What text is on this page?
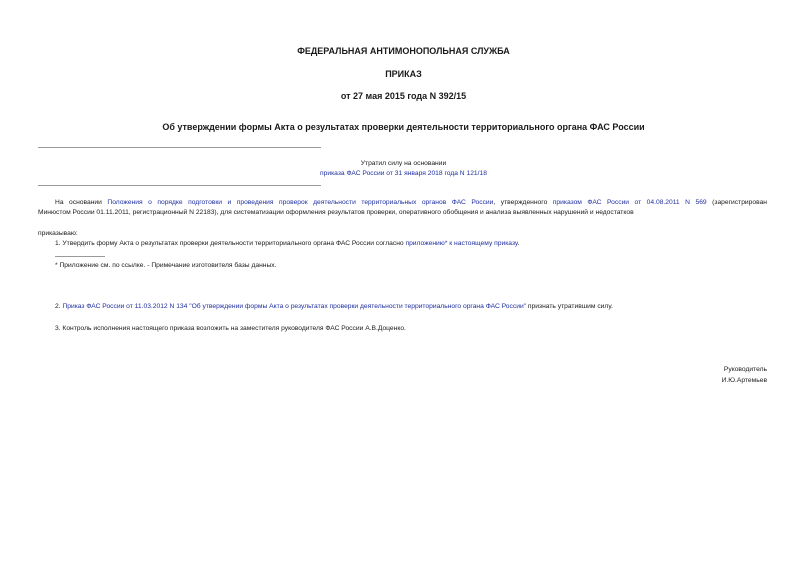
ФЕДЕРАЛЬНАЯ АНТИМОНОПОЛЬНАЯ СЛУЖБА
ПРИКАЗ
от 27 мая 2015 года N 392/15
Об утверждении формы Акта о результатах проверки деятельности территориального органа ФАС России
Утратил силу на основании
приказа ФАС России от 31 января 2018 года N 121/18
На основании Положения о порядке подготовки и проведения проверок деятельности территориальных органов ФАС России, утвержденного приказом ФАС России от 04.08.2011 N 569 (зарегистрирован
Минюстом России 01.11.2011, регистрационный N 22183), для систематизации оформления результатов проверки, оперативного обобщения и анализа выявленных нарушений и недостатков
приказываю:
1. Утвердить форму Акта о результатах проверки деятельности территориального органа ФАС России согласно приложению* к настоящему приказу.
* Приложение см. по ссылке. - Примечание изготовителя базы данных.
2. Приказ ФАС России от 11.03.2012 N 134 "Об утверждении формы Акта о результатах проверки деятельности территориального органа ФАС России" признать утратившим силу.
3. Контроль исполнения настоящего приказа возложить на заместителя руководителя ФАС России А.В.Доценко.
Руководитель
И.Ю.Артемьев
